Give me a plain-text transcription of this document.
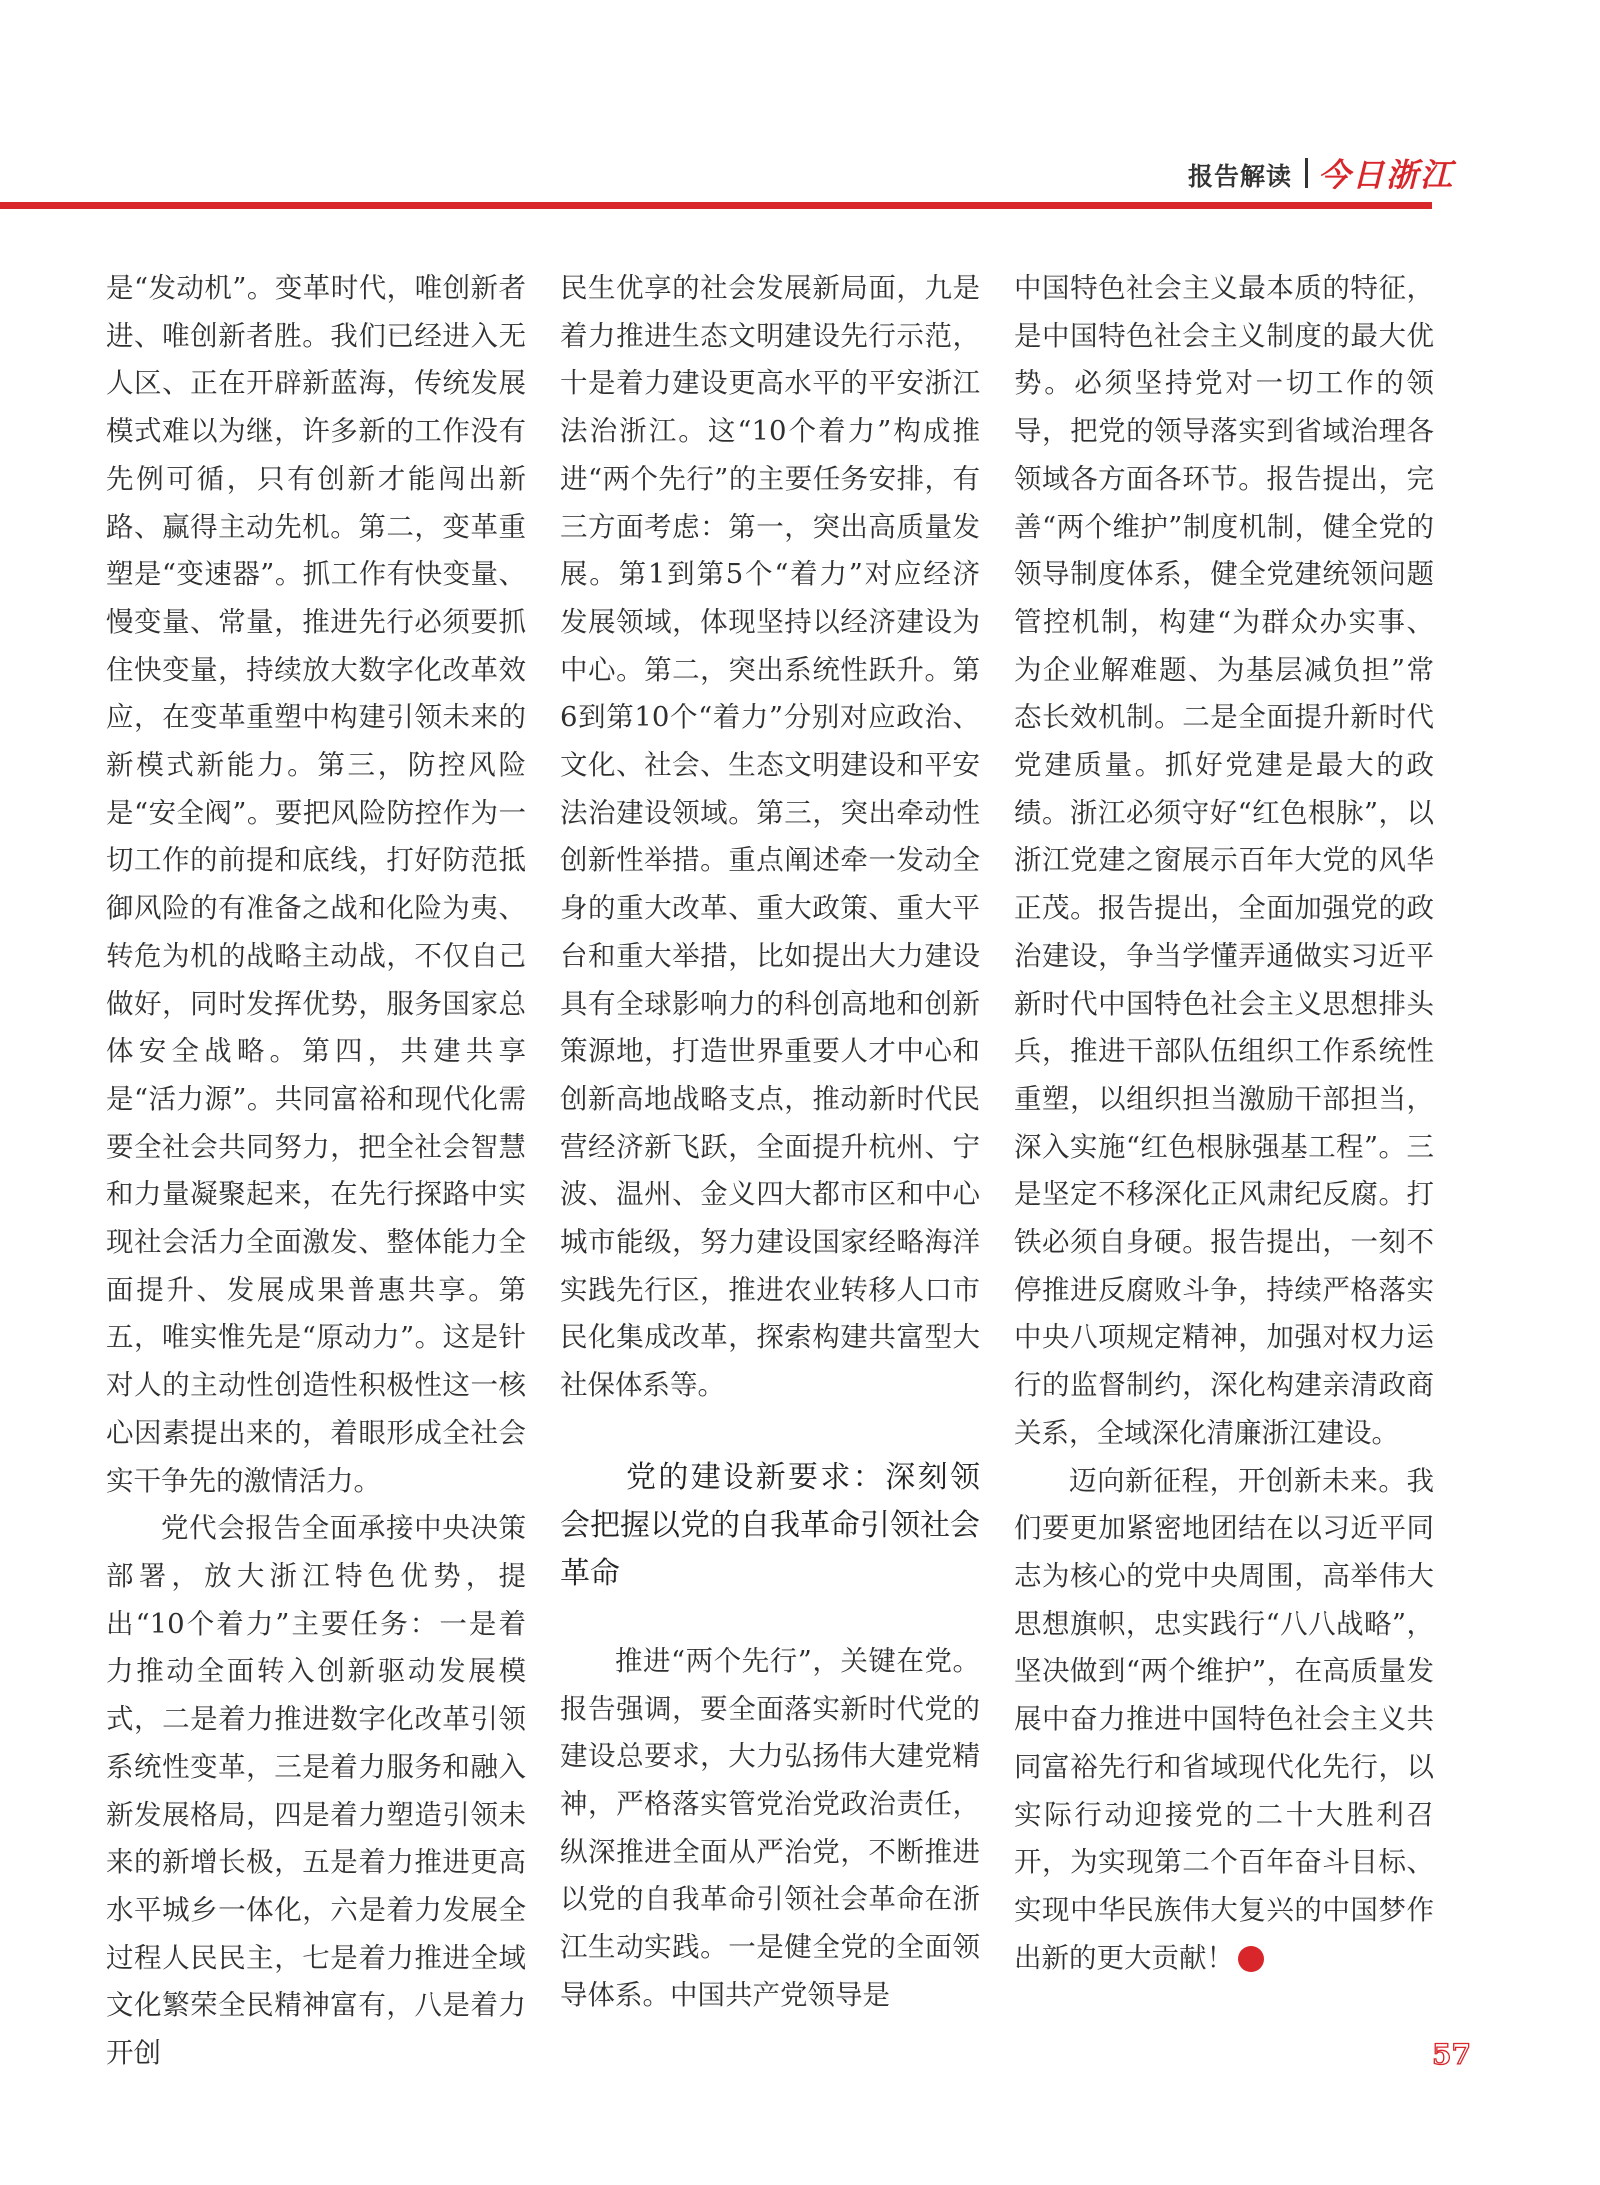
报告解读 今日浙江

是“发动机”。变革时代，唯创新者进、唯创新者胜。我们已经进入无人区、正在开辟新蓝海，传统发展模式难以为继，许多新的工作没有先例可循，只有创新才能闯出新路、赢得主动先机。第二，变革重塑是“变速器”。抓工作有快变量、慢变量、常量，推进先行必须要抓住快变量，持续放大数字化改革效应，在变革重塑中构建引领未来的新模式新能力。第三，防控风险是“安全阀”。要把风险防控作为一切工作的前提和底线，打好防范抵御风险的有准备之战和化险为夷、转危为机的战略主动战，不仅自己做好，同时发挥优势，服务国家总体安全战略。第四，共建共享是“活力源”。共同富裕和现代化需要全社会共同努力，把全社会智慧和力量凝聚起来，在先行探路中实现社会活力全面激发、整体能力全面提升、发展成果普惠共享。第五，唯实惟先是“原动力”。这是针对人的主动性创造性积极性这一核心因素提出来的，着眼形成全社会实干争先的激情活力。

党代会报告全面承接中央决策部署，放大浙江特色优势，提出“10个着力”主要任务：一是着力推动全面转入创新驱动发展模式，二是着力推进数字化改革引领系统性变革，三是着力服务和融入新发展格局，四是着力塑造引领未来的新增长极，五是着力推进更高水平城乡一体化，六是着力发展全过程人民民主，七是着力推进全域文化繁荣全民精神富有，八是着力开创

民生优享的社会发展新局面，九是着力推进生态文明建设先行示范，十是着力建设更高水平的平安浙江法治浙江。这“10个着力”构成推进“两个先行”的主要任务安排，有三方面考虑：第一，突出高质量发展。第1到第5个“着力”对应经济发展领域，体现坚持以经济建设为中心。第二，突出系统性跃升。第6到第10个“着力”分别对应政治、文化、社会、生态文明建设和平安法治建设领域。第三，突出牵动性创新性举措。重点阐述牵一发动全身的重大改革、重大政策、重大平台和重大举措，比如提出大力建设具有全球影响力的科创高地和创新策源地，打造世界重要人才中心和创新高地战略支点，推动新时代民营经济新飞跃，全面提升杭州、宁波、温州、金义四大都市区和中心城市能级，努力建设国家经略海洋实践先行区，推进农业转移人口市民化集成改革，探索构建共富型大社保体系等。

党的建设新要求：深刻领会把握以党的自我革命引领社会革命

推进“两个先行”，关键在党。报告强调，要全面落实新时代党的建设总要求，大力弘扬伟大建党精神，严格落实管党治党政治责任，纵深推进全面从严治党，不断推进以党的自我革命引领社会革命在浙江生动实践。一是健全党的全面领导体系。中国共产党领导是

中国特色社会主义最本质的特征，是中国特色社会主义制度的最大优势。必须坚持党对一切工作的领导，把党的领导落实到省域治理各领域各方面各环节。报告提出，完善“两个维护”制度机制，健全党的领导制度体系，健全党建统领问题管控机制，构建“为群众办实事、为企业解难题、为基层减负担”常态长效机制。二是全面提升新时代党建质量。抓好党建是最大的政绩。浙江必须守好“红色根脉”，以浙江党建之窗展示百年大党的风华正茂。报告提出，全面加强党的政治建设，争当学懂弄通做实习近平新时代中国特色社会主义思想排头兵，推进干部队伍组织工作系统性重塑，以组织担当激励干部担当，深入实施“红色根脉强基工程”。三是坚定不移深化正风肃纪反腐。打铁必须自身硬。报告提出，一刻不停推进反腐败斗争，持续严格落实中央八项规定精神，加强对权力运行的监督制约，深化构建亲清政商关系，全域深化清廉浙江建设。

迈向新征程，开创新未来。我们要更加紧密地团结在以习近平同志为核心的党中央周围，高举伟大思想旗帜，忠实践行“八八战略”，坚决做到“两个维护”，在高质量发展中奋力推进中国特色社会主义共同富裕先行和省域现代化先行，以实际行动迎接党的二十大胜利召开，为实现第二个百年奋斗目标、实现中华民族伟大复兴的中国梦作出新的更大贡献！	今

57
